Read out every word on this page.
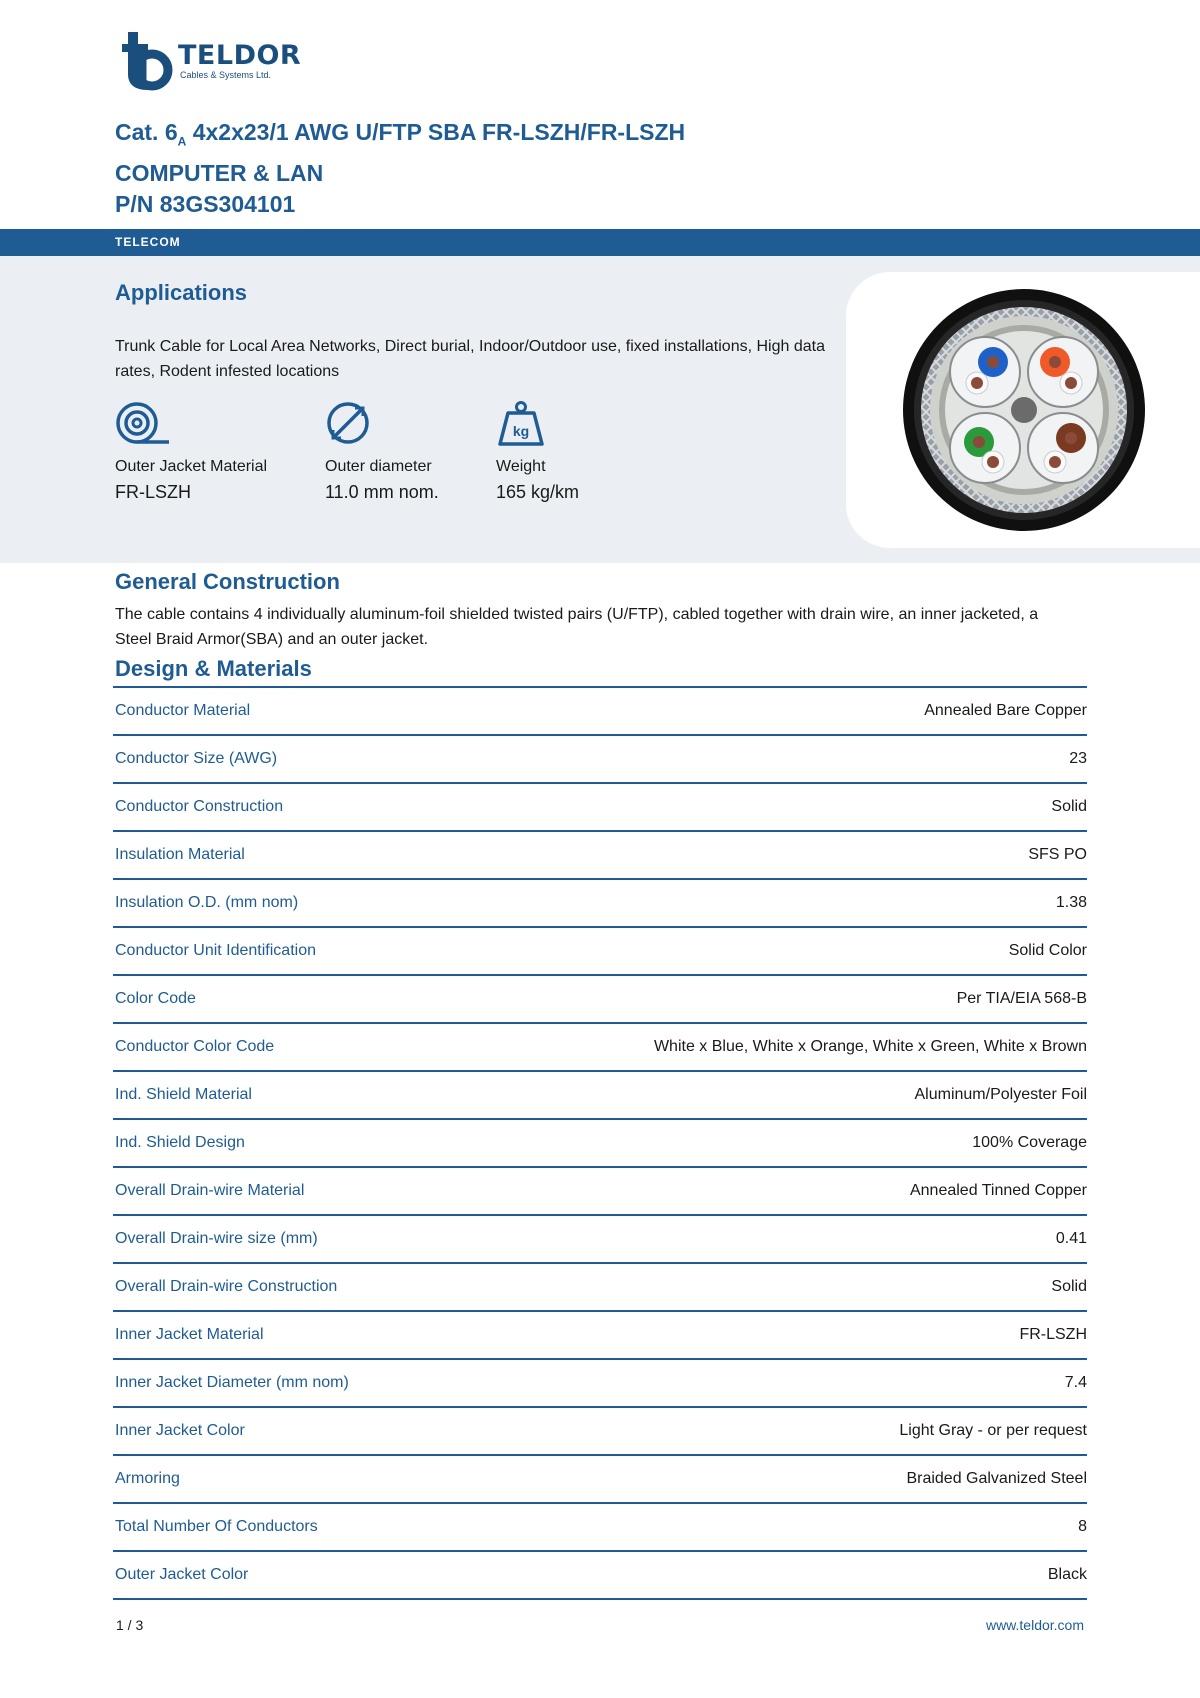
TELDOR
Cables & Systems Ltd.
Cat. $6_A$ 4x2x23/1 AWG U/FTP SBA FR-LSZH/FR-LSZH
COMPUTER & LAN
P/N 83GS304101
TELECOM
Applications
Trunk Cable for Local Area Networks, Direct burial, Indoor/Outdoor use, fixed installations, High data rates, Rodent infested locations
Outer Jacket Material
FR-LSZH
Outer diameter
11.0 mm nom.
kg
Weight
165 kg/km
General Construction
The cable contains 4 individually aluminum-foil shielded twisted pairs (U/FTP), cabled together with drain wire, an inner jacketed, a Steel Braid Armor(SBA) and an outer jacket.
Design & Materials
Conductor Material	Annealed Bare Copper
Conductor Size (AWG)	23
Conductor Construction	Solid
Insulation Material	SFS PO
Insulation O.D. (mm nom)	1.38
Conductor Unit Identification	Solid Color
Color Code	Per TIA/EIA 568-B
Conductor Color Code	White x Blue, White x Orange, White x Green, White x Brown
Ind. Shield Material	Aluminum/Polyester Foil
Ind. Shield Design	100% Coverage
Overall Drain-wire Material	Annealed Tinned Copper
Overall Drain-wire size (mm)	0.41
Overall Drain-wire Construction	Solid
Inner Jacket Material	FR-LSZH
Inner Jacket Diameter (mm nom)	7.4
Inner Jacket Color	Light Gray - or per request
Armoring	Braided Galvanized Steel
Total Number Of Conductors	8
Outer Jacket Color	Black
1 / 3	www.teldor.com
